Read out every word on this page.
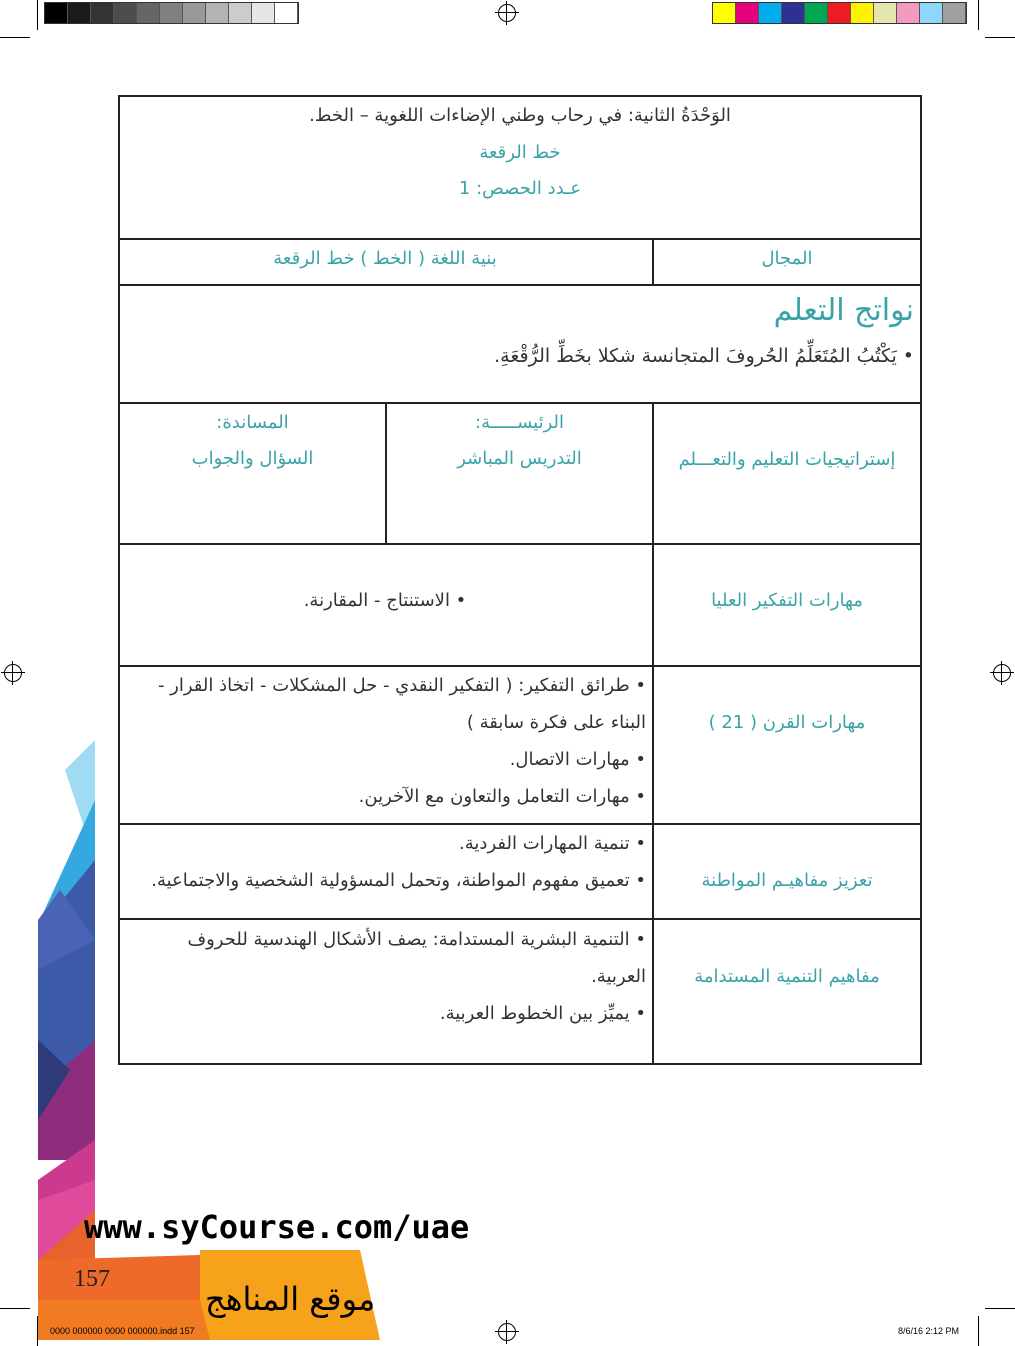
الوَحْدَةُ الثانية: في رحاب وطني الإضاءات اللغوية – الخط.
خط الرقعة
عـدد الحصص: 1
المجال
بنية اللغة ( الخط ) خط الرقعة
نواتج التعلم
• يَكْتُبُ المُتَعَلِّمُ الحُروفَ المتجانسة شكلا بخَطِّ الرُّقْعَةِ.
إستراتيجيات التعليم والتعـــلم
الرئيســـــة:
التدريس المباشر
المساندة:
السؤال والجواب
مهارات التفكير العليا
• الاستنتاج - المقارنة.
مهارات القرن ( 21 )

• طرائق التفكير: ( التفكير النقدي - حل المشكلات - اتخاذ القرار -

البناء على فكرة سابقة )

• مهارات الاتصال.

• مهارات التعامل والتعاون مع الآخرين.

تعزيز مفاهيـم المواطنة

• تنمية المهارات الفردية.

• تعميق مفهوم المواطنة، وتحمل المسؤولية الشخصية والاجتماعية.

مفاهيم التنمية المستدامة

• التنمية البشرية المستدامة: يصف الأشكال الهندسية للحروف

العربية.

• يميِّز بين الخطوط العربية.

www.syCourse.com/uae
157
موقع المناهج
0000 000000 0000 000000.indd 157	8/6/16 2:12 PM
